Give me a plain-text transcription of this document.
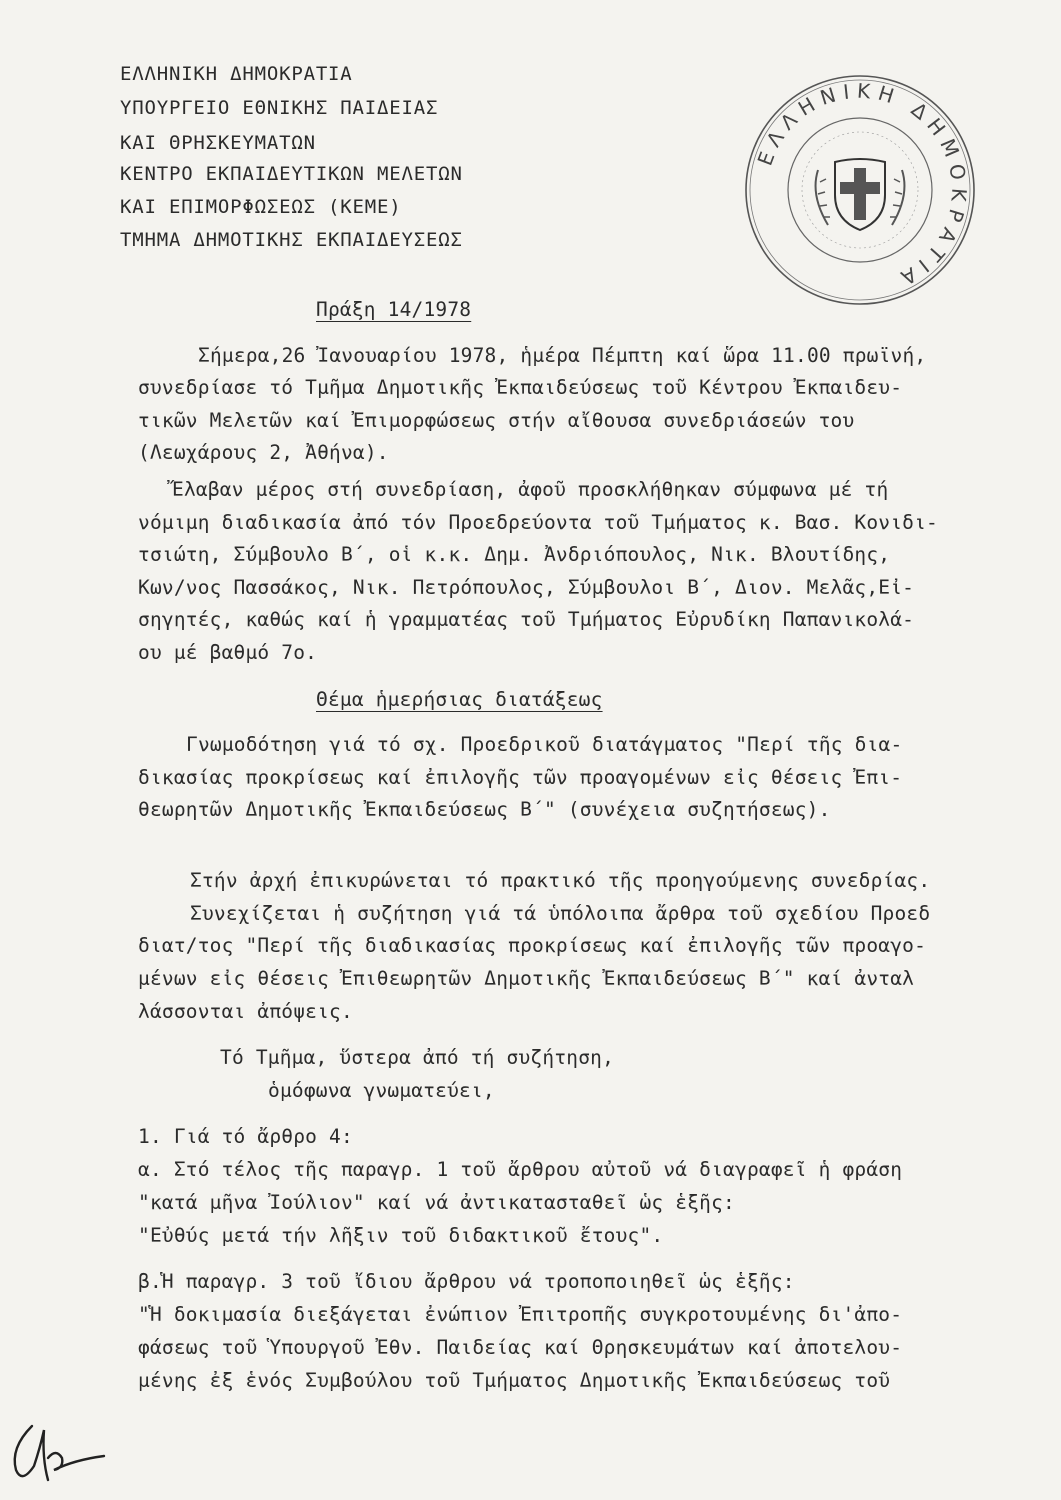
ΕΛΛΗΝΙΚΗ ΔΗΜΟΚΡΑΤΙΑ
ΥΠΟΥΡΓΕΙΟ ΕΘΝΙΚΗΣ ΠΑΙΔΕΙΑΣ
ΚΑΙ ΘΡΗΣΚΕΥΜΑΤΩΝ
ΚΕΝΤΡΟ ΕΚΠΑΙΔΕΥΤΙΚΩΝ ΜΕΛΕΤΩΝ
ΚΑΙ ΕΠΙΜΟΡΦΩΣΕΩΣ (ΚΕΜΕ)
ΤΜΗΜΑ ΔΗΜΟΤΙΚΗΣ ΕΚΠΑΙΔΕΥΣΕΩΣ
ΕΛΛΗΝΙΚΗ ΔΗΜΟΚΡΑΤΙΑ
Πράξη 14/1978
Σήμερα,26 Ἰανουαρίου 1978, ἡμέρα Πέμπτη καί ὥρα 11.00 πρωϊνή,
συνεδρίασε τό Τμῆμα Δημοτικῆς Ἐκπαιδεύσεως τοῦ Κέντρου Ἐκπαιδευ-
τικῶν Μελετῶν καί Ἐπιμορφώσεως στήν αἴθουσα συνεδριάσεών του
(Λεωχάρους 2, Ἀθήνα).
Ἔλαβαν μέρος στή συνεδρίαση, ἀφοῦ προσκλήθηκαν σύμφωνα μέ τή
νόμιμη διαδικασία ἀπό τόν Προεδρεύοντα τοῦ Τμήματος κ. Βασ. Κονιδι-
τσιώτη, Σύμβουλο Β΄, οἱ κ.κ. Δημ. Ἀνδριόπουλος, Νικ. Βλουτίδης,
Κων/νος Πασσάκος, Νικ. Πετρόπουλος, Σύμβουλοι Β΄, Διον. Μελᾶς,Εἰ-
σηγητές, καθώς καί ἡ γραμματέας τοῦ Τμήματος Εὐρυδίκη Παπανικολά-
ου μέ βαθμό 7ο.
Θέμα ἡμερήσιας διατάξεως
Γνωμοδότηση γιά τό σχ. Προεδρικοῦ διατάγματος "Περί τῆς δια-
δικασίας προκρίσεως καί ἐπιλογῆς τῶν προαγομένων εἰς θέσεις Ἐπι-
θεωρητῶν Δημοτικῆς Ἐκπαιδεύσεως Β΄" (συνέχεια συζητήσεως).
Στήν ἀρχή ἐπικυρώνεται τό πρακτικό τῆς προηγούμενης συνεδρίας.
Συνεχίζεται ἡ συζήτηση γιά τά ὑπόλοιπα ἄρθρα τοῦ σχεδίου Προεδ
διατ/τος "Περί τῆς διαδικασίας προκρίσεως καί ἐπιλογῆς τῶν προαγο-
μένων εἰς θέσεις Ἐπιθεωρητῶν Δημοτικῆς Ἐκπαιδεύσεως Β΄" καί ἀνταλ
λάσσονται ἀπόψεις.
Τό Τμῆμα, ὕστερα ἀπό τή συζήτηση,
ὁμόφωνα γνωματεύει,
1. Γιά τό ἄρθρο 4:
α. Στό τέλος τῆς παραγρ. 1 τοῦ ἄρθρου αὐτοῦ νά διαγραφεῖ ἡ φράση
"κατά μῆνα Ἰούλιον" καί νά ἀντικατασταθεῖ ὡς ἑξῆς:
"Εὐθύς μετά τήν λῆξιν τοῦ διδακτικοῦ ἔτους".
β.Ἡ παραγρ. 3 τοῦ ἴδιου ἄρθρου νά τροποποιηθεῖ ὡς ἑξῆς:
"Ἡ δοκιμασία διεξάγεται ἐνώπιον Ἐπιτροπῆς συγκροτουμένης δι'ἀπο-
φάσεως τοῦ Ὑπουργοῦ Ἐθν. Παιδείας καί Θρησκευμάτων καί ἀποτελου-
μένης ἐξ ἑνός Συμβούλου τοῦ Τμήματος Δημοτικῆς Ἐκπαιδεύσεως τοῦ
